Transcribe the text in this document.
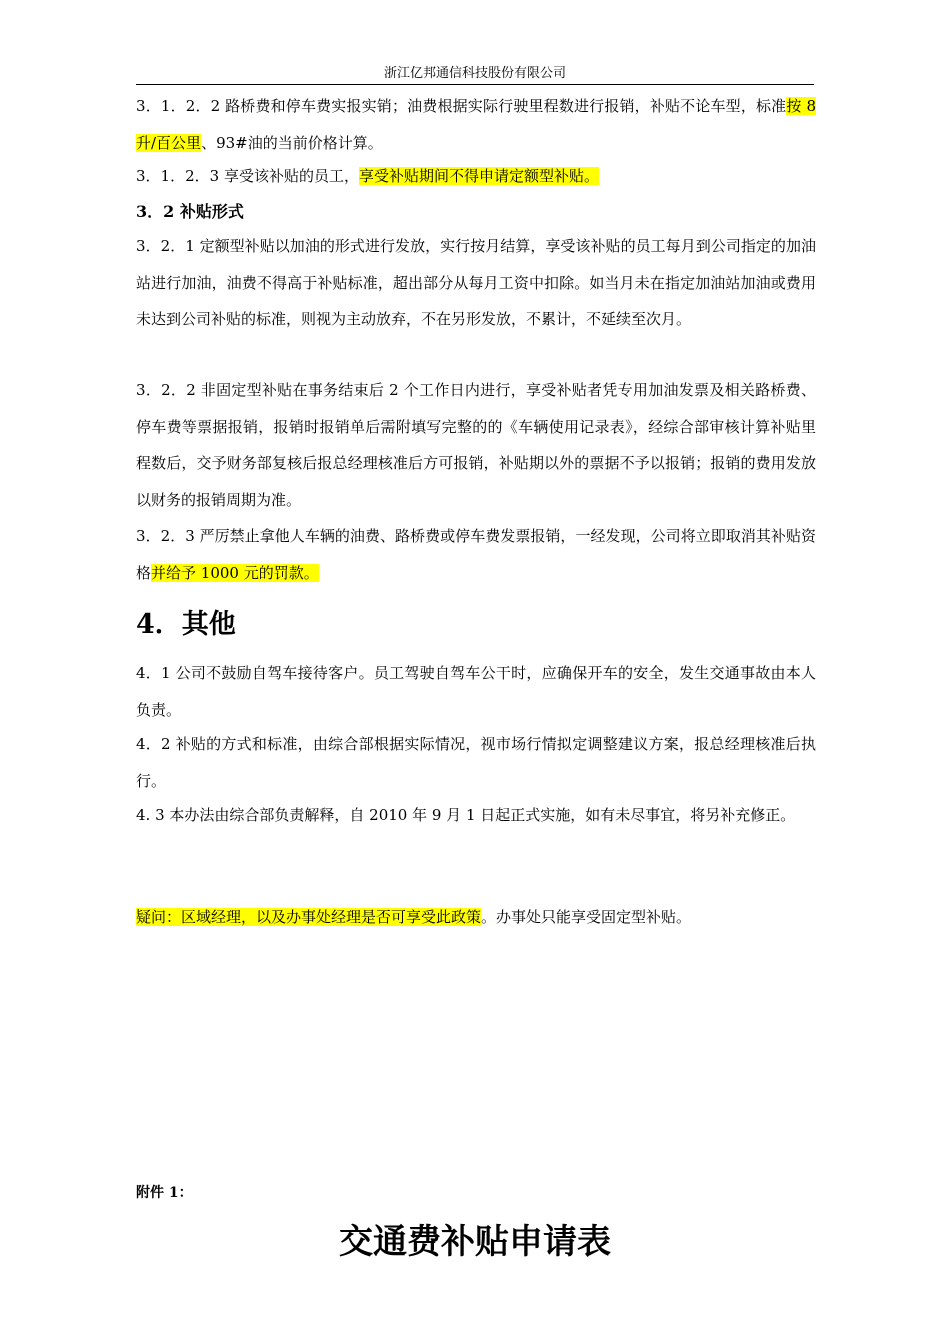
浙江亿邦通信科技股份有限公司
3．1．2．2 路桥费和停车费实报实销；油费根据实际行驶里程数进行报销，补贴不论车型，标准按 8 升/百公里、93#油的当前价格计算。
3．1．2．3 享受该补贴的员工，享受补贴期间不得申请定额型补贴。
3．2 补贴形式
3．2．1 定额型补贴以加油的形式进行发放，实行按月结算，享受该补贴的员工每月到公司指定的加油站进行加油，油费不得高于补贴标准，超出部分从每月工资中扣除。如当月未在指定加油站加油或费用未达到公司补贴的标准，则视为主动放弃，不在另形发放，不累计，不延续至次月。
3．2．2 非固定型补贴在事务结束后 2 个工作日内进行，享受补贴者凭专用加油发票及相关路桥费、停车费等票据报销，报销时报销单后需附填写完整的的《车辆使用记录表》，经综合部审核计算补贴里程数后，交予财务部复核后报总经理核准后方可报销，补贴期以外的票据不予以报销；报销的费用发放以财务的报销周期为准。
3．2．3 严厉禁止拿他人车辆的油费、路桥费或停车费发票报销，一经发现，公司将立即取消其补贴资格并给予 1000 元的罚款。
4．其他
4．1 公司不鼓励自驾车接待客户。员工驾驶自驾车公干时，应确保开车的安全，发生交通事故由本人负责。
4．2 补贴的方式和标准，由综合部根据实际情况，视市场行情拟定调整建议方案，报总经理核准后执行。
4. 3 本办法由综合部负责解释，自 2010 年 9 月 1 日起正式实施，如有未尽事宜，将另补充修正。
疑问：区域经理，以及办事处经理是否可享受此政策。办事处只能享受固定型补贴。
附件 1：
交通费补贴申请表
